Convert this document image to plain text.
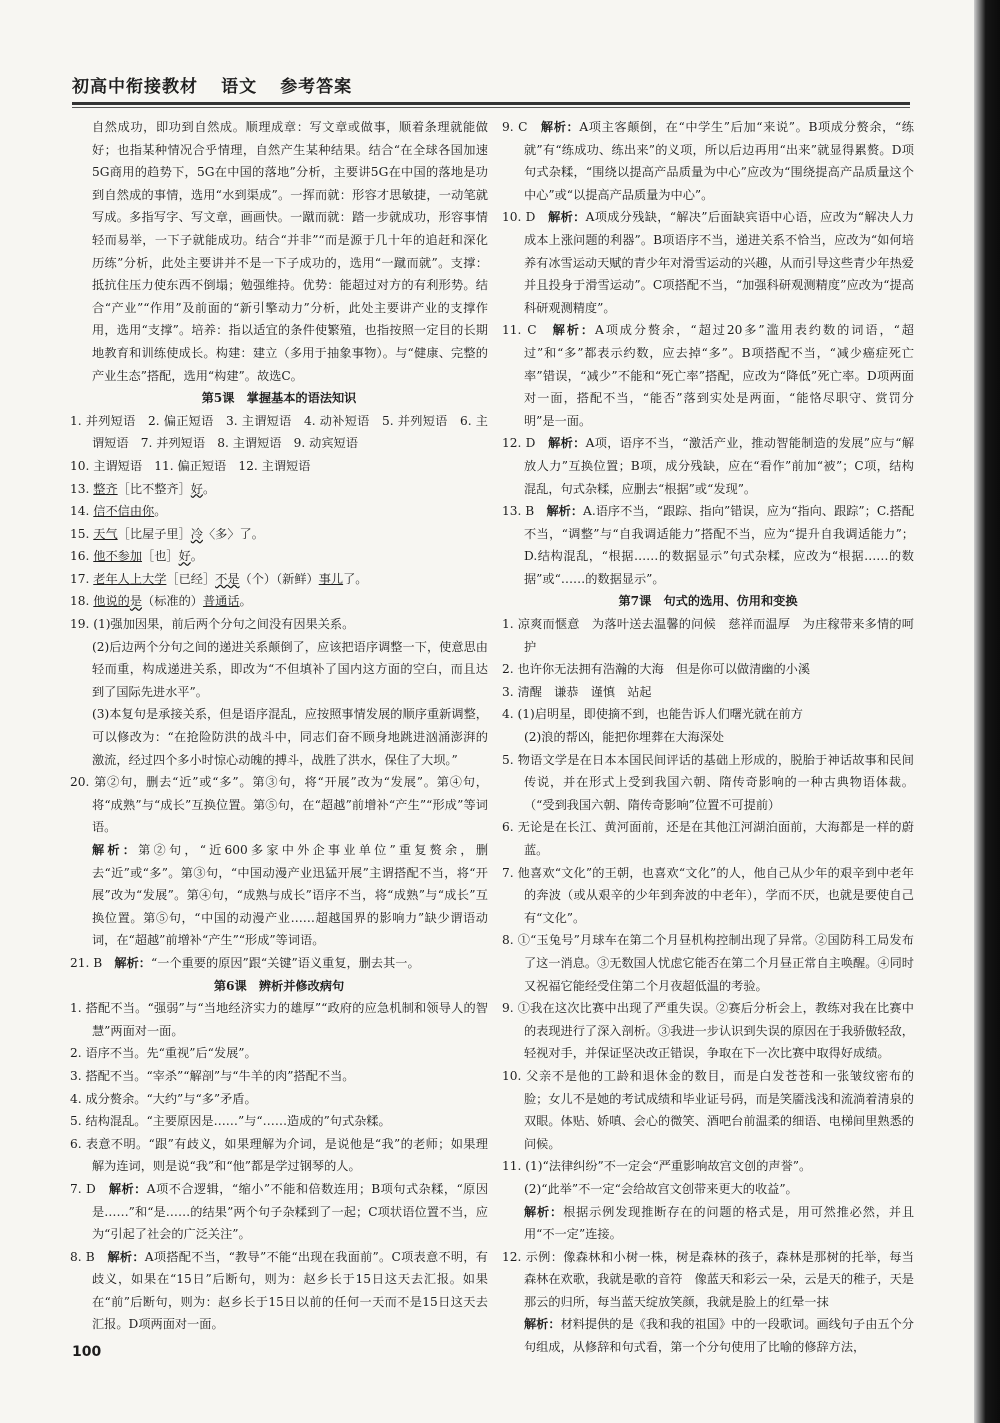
初高中衔接教材 语文 参考答案

自然成功，即功到自然成。顺理成章：写文章或做事，顺着条理就能做好；也指某种情况合乎情理，自然产生某种结果。结合“在全球各国加速5G商用的趋势下，5G在中国的落地”分析，主要讲5G在中国的落地是功到自然成的事情，选用“水到渠成”。一挥而就：形容才思敏捷，一动笔就写成。多指写字、写文章，画画快。一蹴而就：踏一步就成功，形容事情轻而易举，一下子就能成功。结合“并非”“而是源于几十年的追赶和深化历练”分析，此处主要讲并不是一下子成功的，选用“一蹴而就”。支撑：抵抗住压力使东西不倒塌；勉强维持。优势：能超过对方的有利形势。结合“产业”“作用”及前面的“新引擎动力”分析，此处主要讲产业的支撑作用，选用“支撑”。培养：指以适宜的条件使繁殖，也指按照一定目的长期地教育和训练使成长。构建：建立（多用于抽象事物）。与“健康、完整的产业生态”搭配，选用“构建”。故选C。

第5课　掌握基本的语法知识

1. 并列短语　2. 偏正短语　3. 主谓短语　4. 动补短语　5. 并列短语　6. 主谓短语　7. 并列短语　8. 主谓短语　9. 动宾短语

10. 主谓短语　11. 偏正短语　12. 主谓短语

13. 整齐［比不整齐］好。

14. 信不信由你。

15. 天气［比屋子里］冷〈多〉了。

16. 他不参加［也］好。

17. 老年人上大学［已经］不是（个）（新鲜）事儿了。

18. 他说的是（标准的）普通话。

19. (1)强加因果，前后两个分句之间没有因果关系。

(2)后边两个分句之间的递进关系颠倒了，应该把语序调整一下，使意思由轻而重，构成递进关系，即改为“不但填补了国内这方面的空白，而且达到了国际先进水平”。

(3)本复句是承接关系，但是语序混乱，应按照事情发展的顺序重新调整，可以修改为：“在抢险防洪的战斗中，同志们奋不顾身地跳进汹涌澎湃的激流，经过四个多小时惊心动魄的搏斗，战胜了洪水，保住了大坝。”

20. 第②句，删去“近”或“多”。第③句，将“开展”改为“发展”。第④句，将“成熟”与“成长”互换位置。第⑤句，在“超越”前增补“产生”“形成”等词语。

解析：第②句，“近600多家中外企事业单位”重复赘余，删去“近”或“多”。第③句，“中国动漫产业迅猛开展”主谓搭配不当，将“开展”改为“发展”。第④句，“成熟与成长”语序不当，将“成熟”与“成长”互换位置。第⑤句，“中国的动漫产业……超越国界的影响力”缺少谓语动词，在“超越”前增补“产生”“形成”等词语。

21. B　解析：“一个重要的原因”跟“关键”语义重复，删去其一。

第6课　辨析并修改病句

1. 搭配不当。“强弱”与“当地经济实力的雄厚”“政府的应急机制和领导人的智慧”两面对一面。

2. 语序不当。先“重视”后“发展”。

3. 搭配不当。“宰杀”“解剖”与“牛羊的肉”搭配不当。

4. 成分赘余。“大约”与“多”矛盾。

5. 结构混乱。“主要原因是……”与“……造成的”句式杂糅。

6. 表意不明。“跟”有歧义，如果理解为介词，是说他是“我”的老师；如果理解为连词，则是说“我”和“他”都是学过钢琴的人。

7. D　解析：A项不合逻辑，“缩小”不能和倍数连用；B项句式杂糅，“原因是……”和“是……的结果”两个句子杂糅到了一起；C项状语位置不当，应为“引起了社会的广泛关注”。

8. B　解析：A项搭配不当，“教导”不能“出现在我面前”。C项表意不明，有歧义，如果在“15日”后断句，则为：赵乡长于15日这天去汇报。如果在“前”后断句，则为：赵乡长于15日以前的任何一天而不是15日这天去汇报。D项两面对一面。

9. C　解析：A项主客颠倒，在“中学生”后加“来说”。B项成分赘余，“练就”有“练成功、练出来”的义项，所以后边再用“出来”就显得累赘。D项句式杂糅，“围绕以提高产品质量为中心”应改为“围绕提高产品质量这个中心”或“以提高产品质量为中心”。

10. D　解析：A项成分残缺，“解决”后面缺宾语中心语，应改为“解决人力成本上涨问题的利器”。B项语序不当，递进关系不恰当，应改为“如何培养有冰雪运动天赋的青少年对滑雪运动的兴趣，从而引导这些青少年热爱并且投身于滑雪运动”。C项搭配不当，“加强科研观测精度”应改为“提高科研观测精度”。

11. C　解析：A项成分赘余，“超过20多”滥用表约数的词语，“超过”和“多”都表示约数，应去掉“多”。B项搭配不当，“减少癌症死亡率”错误，“减少”不能和“死亡率”搭配，应改为“降低”死亡率。D项两面对一面，搭配不当，“能否”落到实处是两面，“能恪尽职守、赏罚分明”是一面。

12. D　解析：A项，语序不当，“激活产业，推动智能制造的发展”应与“解放人力”互换位置；B项，成分残缺，应在“看作”前加“被”；C项，结构混乱，句式杂糅，应删去“根据”或“发现”。

13. B　解析：A.语序不当，“跟踪、指向”错误，应为“指向、跟踪”；C.搭配不当，“调整”与“自我调适能力”搭配不当，应为“提升自我调适能力”；D.结构混乱，“根据……的数据显示”句式杂糅，应改为“根据……的数据”或“……的数据显示”。

第7课　句式的选用、仿用和变换

1. 凉爽而惬意　为落叶送去温馨的问候　慈祥而温厚　为庄稼带来多情的呵护

2. 也许你无法拥有浩瀚的大海　但是你可以做清幽的小溪

3. 清醒　谦恭　谨慎　站起

4. (1)启明星，即使摘不到，也能告诉人们曙光就在前方

(2)浪的帮凶，能把你埋葬在大海深处

5. 物语文学是在日本本国民间评话的基础上形成的，脱胎于神话故事和民间传说，并在形式上受到我国六朝、隋传奇影响的一种古典物语体裁。（“受到我国六朝、隋传奇影响”位置不可提前）

6. 无论是在长江、黄河面前，还是在其他江河湖泊面前，大海都是一样的蔚蓝。

7. 他喜欢“文化”的王朝，也喜欢“文化”的人，他自己从少年的艰辛到中老年的奔波（或从艰辛的少年到奔波的中老年），学而不厌，也就是要使自己有“文化”。

8. ①“玉兔号”月球车在第二个月昼机构控制出现了异常。②国防科工局发布了这一消息。③无数国人忧虑它能否在第二个月昼正常自主唤醒。④同时又祝福它能经受住第二个月夜超低温的考验。

9. ①我在这次比赛中出现了严重失误。②赛后分析会上，教练对我在比赛中的表现进行了深入剖析。③我进一步认识到失误的原因在于我骄傲轻敌，轻视对手，并保证坚决改正错误，争取在下一次比赛中取得好成绩。

10. 父亲不是他的工龄和退休金的数目，而是白发苍苍和一张皱纹密布的脸；女儿不是她的考试成绩和毕业证号码，而是笑靥浅浅和流淌着清泉的双眼。体贴、娇嗔、会心的微笑、酒吧台前温柔的细语、电梯间里熟悉的问候。

11. (1)“法律纠纷”不一定会“严重影响故宫文创的声誉”。

(2)“此举”不一定“会给故宫文创带来更大的收益”。

解析：根据示例发现推断存在的问题的格式是，用可然推必然，并且用“不一定”连接。

12. 示例：像森林和小树一株，树是森林的孩子，森林是那树的托举，每当森林在欢歌，我就是歌的音符　像蓝天和彩云一朵，云是天的稚子，天是那云的归所，每当蓝天绽放笑颜，我就是脸上的红晕一抹

解析：材料提供的是《我和我的祖国》中的一段歌词。画线句子由五个分句组成，从修辞和句式看，第一个分句使用了比喻的修辞方法，

100
